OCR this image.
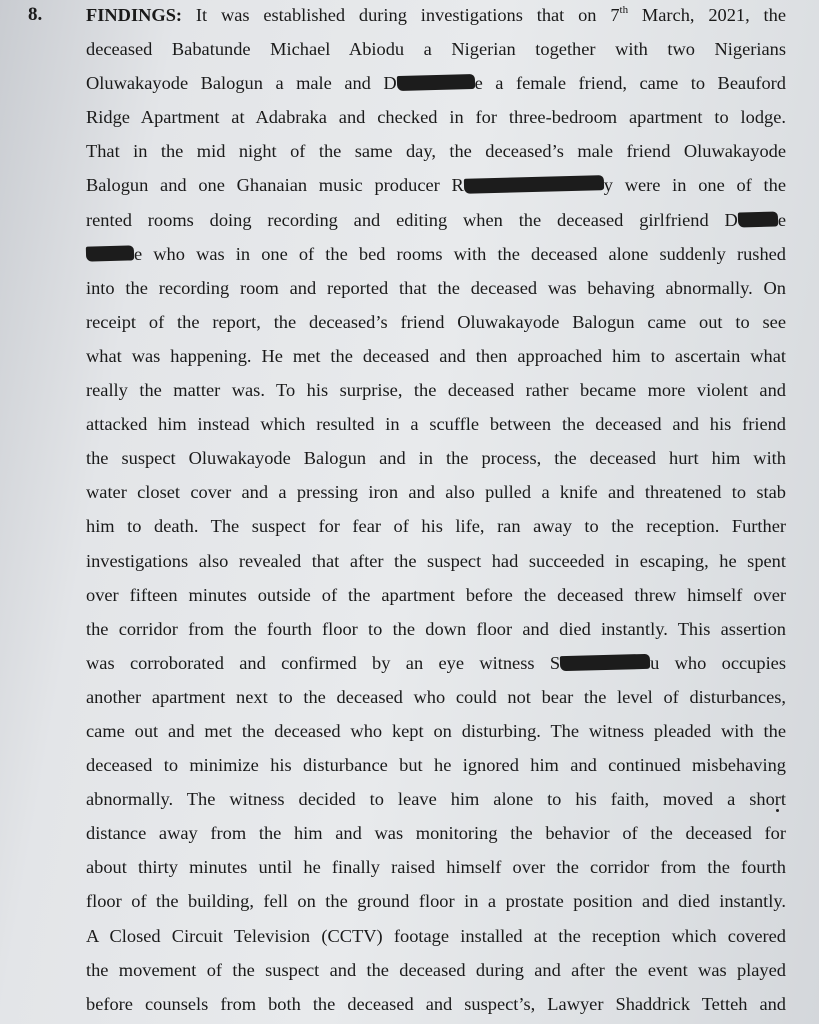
8. FINDINGS: It was established during investigations that on 7th March, 2021, the
deceased Babatunde Michael Abiodu a Nigerian together with two Nigerians
Oluwakayode Balogun a male and D	e a female friend, came to Beauford
Ridge Apartment at Adabraka and checked in for three-bedroom apartment to lodge.
That in the mid night of the same day, the deceased’s male friend Oluwakayode
Balogun and one Ghanaian music producer R	y were in one of the
rented rooms doing recording and editing when the deceased girlfriend D e
e who was in one of the bed rooms with the deceased alone suddenly rushed
into the recording room and reported that the deceased was behaving abnormally. On
receipt of the report, the deceased’s friend Oluwakayode Balogun came out to see
what was happening. He met the deceased and then approached him to ascertain what
really the matter was. To his surprise, the deceased rather became more violent and
attacked him instead which resulted in a scuffle between the deceased and his friend
the suspect Oluwakayode Balogun and in the process, the deceased hurt him with
water closet cover and a pressing iron and also pulled a knife and threatened to stab
him to death. The suspect for fear of his life, ran away to the reception. Further
investigations also revealed that after the suspect had succeeded in escaping, he spent
over fifteen minutes outside of the apartment before the deceased threw himself over
the corridor from the fourth floor to the down floor and died instantly. This assertion
was corroborated and confirmed by an eye witness S	u who occupies
another apartment next to the deceased who could not bear the level of disturbances,
came out and met the deceased who kept on disturbing. The witness pleaded with the
deceased to minimize his disturbance but he ignored him and continued misbehaving
abnormally. The witness decided to leave him alone to his faith, moved a short
distance away from the him and was monitoring the behavior of the deceased for
about thirty minutes until he finally raised himself over the corridor from the fourth
floor of the building, fell on the ground floor in a prostate position and died instantly.
A Closed Circuit Television (CCTV) footage installed at the reception which covered
the movement of the suspect and the deceased during and after the event was played
before counsels from both the deceased and suspect’s, Lawyer Shaddrick Tetteh and
